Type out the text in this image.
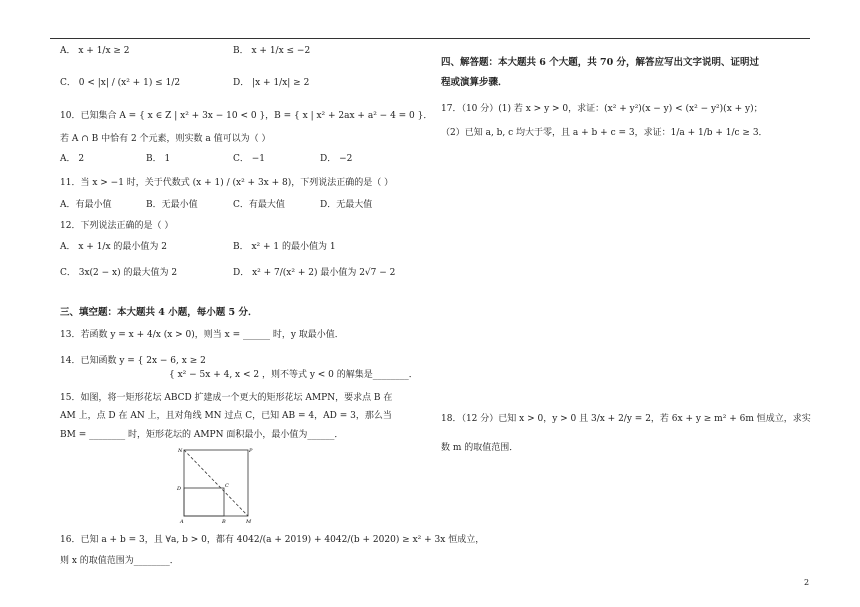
A． x + 1/x ≥ 2	B． x + 1/x ≤ −2
C． 0 < |x| / (x² + 1) ≤ 1/2	D． |x + 1/x| ≥ 2
10．已知集合 A = { x ∈ Z | x² + 3x − 10 < 0 }，B = { x | x² + 2ax + a² − 4 = 0 }．
若 A ∩ B 中恰有 2 个元素，则实数 a 值可以为（ ）
A． 2	B． 1	C． −1	D． −2
11．当 x > −1 时，关于代数式 (x + 1) / (x² + 3x + 8)，下列说法正确的是（ ）
A．有最小值	B．无最小值	C．有最大值	D．无最大值
12．下列说法正确的是（ ）
A． x + 1/x 的最小值为 2	B． x² + 1 的最小值为 1
C． 3x(2 − x) 的最大值为 2	D． x² + 7/(x² + 2) 最小值为 2√7 − 2
三、填空题：本大题共 4 小题，每小题 5 分．
13．若函数 y = x + 4/x (x > 0)，则当 x = ______ 时，y 取最小值．
14．已知函数 y = { 2x − 6, x ≥ 2
{ x² − 5x + 4, x < 2 ，则不等式 y < 0 的解集是________．
15．如图，将一矩形花坛 ABCD 扩建成一个更大的矩形花坛 AMPN，要求点 B 在
AM 上，点 D 在 AN 上，且对角线 MN 过点 C，已知 AB = 4，AD = 3，那么当
BM = ________ 时，矩形花坛的 AMPN 面积最小，最小值为______．
N	P
D	C
A	B	M
16．已知 a + b = 3，且 ∀a, b > 0，都有 4042/(a + 2019) + 4042/(b + 2020) ≥ x² + 3x 恒成立，
则 x 的取值范围为________．
四、解答题：本大题共 6 个大题，共 70 分，解答应写出文字说明、证明过
程或演算步骤．
17．（10 分）(1) 若 x > y > 0，求证：(x² + y²)(x − y) < (x² − y²)(x + y)；
（2）已知 a, b, c 均大于零，且 a + b + c = 3，求证：1/a + 1/b + 1/c ≥ 3．
18．（12 分）已知 x > 0，y > 0 且 3/x + 2/y = 2，若 6x + y ≥ m² + 6m 恒成立，求实
数 m 的取值范围．
2
